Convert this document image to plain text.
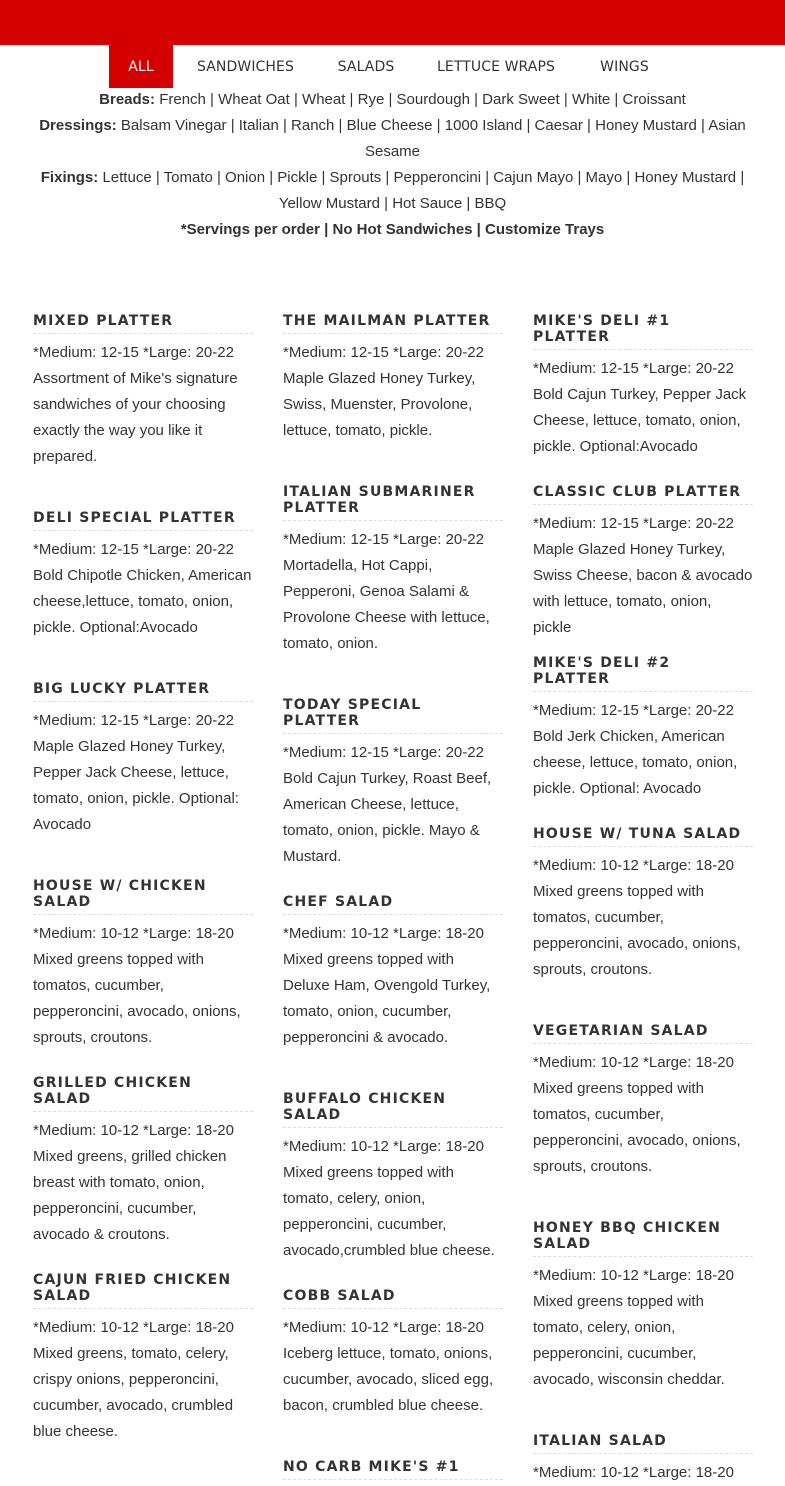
ALL	SANDWICHES	SALADS	LETTUCE WRAPS	WINGS
Breads: French | Wheat Oat | Wheat | Rye | Sourdough | Dark Sweet | White | Croissant
Dressings: Balsam Vinegar | Italian | Ranch | Blue Cheese | 1000 Island | Caesar | Honey Mustard | Asian
Sesame
Fixings: Lettuce | Tomato | Onion | Pickle | Sprouts | Pepperoncini | Cajun Mayo | Mayo | Honey Mustard |
Yellow Mustard | Hot Sauce | BBQ
*Servings per order | No Hot Sandwiches | Customize Trays
MIXED PLATTER
*Medium: 12-15 *Large: 20-22
Assortment of Mike's signature sandwiches of your choosing exactly the way you like it prepared.
DELI SPECIAL PLATTER
*Medium: 12-15 *Large: 20-22
Bold Chipotle Chicken, American cheese,lettuce, tomato, onion, pickle. Optional:Avocado
BIG LUCKY PLATTER
*Medium: 12-15 *Large: 20-22
Maple Glazed Honey Turkey, Pepper Jack Cheese, lettuce, tomato, onion, pickle. Optional: Avocado
HOUSE W/ CHICKEN SALAD
*Medium: 10-12 *Large: 18-20
Mixed greens topped with tomatos, cucumber, pepperoncini, avocado, onions, sprouts, croutons.
GRILLED CHICKEN SALAD
*Medium: 10-12 *Large: 18-20
Mixed greens, grilled chicken breast with tomato, onion, pepperoncini, cucumber, avocado & croutons.
CAJUN FRIED CHICKEN SALAD
*Medium: 10-12 *Large: 18-20
Mixed greens, tomato, celery, crispy onions, pepperoncini, cucumber, avocado, crumbled blue cheese.
THE MAILMAN PLATTER
*Medium: 12-15 *Large: 20-22
Maple Glazed Honey Turkey, Swiss, Muenster, Provolone, lettuce, tomato, pickle.
ITALIAN SUBMARINER PLATTER
*Medium: 12-15 *Large: 20-22
Mortadella, Hot Cappi, Pepperoni, Genoa Salami & Provolone Cheese with lettuce, tomato, onion.
TODAY SPECIAL PLATTER
*Medium: 12-15 *Large: 20-22
Bold Cajun Turkey, Roast Beef, American Cheese, lettuce, tomato, onion, pickle. Mayo & Mustard.
CHEF SALAD
*Medium: 10-12 *Large: 18-20
Mixed greens topped with Deluxe Ham, Ovengold Turkey, tomato, onion, cucumber, pepperoncini & avocado.
BUFFALO CHICKEN SALAD
*Medium: 10-12 *Large: 18-20
Mixed greens topped with tomato, celery, onion, pepperoncini, cucumber, avocado,crumbled blue cheese.
COBB SALAD
*Medium: 10-12 *Large: 18-20
Iceberg lettuce, tomato, onions, cucumber, avocado, sliced egg, bacon, crumbled blue cheese.
NO CARB MIKE'S #1
MIKE'S DELI #1 PLATTER
*Medium: 12-15 *Large: 20-22
Bold Cajun Turkey, Pepper Jack Cheese, lettuce, tomato, onion, pickle. Optional:Avocado
CLASSIC CLUB PLATTER
*Medium: 12-15 *Large: 20-22
Maple Glazed Honey Turkey, Swiss Cheese, bacon & avocado with lettuce, tomato, onion, pickle
MIKE'S DELI #2 PLATTER
*Medium: 12-15 *Large: 20-22
Bold Jerk Chicken, American cheese, lettuce, tomato, onion, pickle. Optional: Avocado
HOUSE W/ TUNA SALAD
*Medium: 10-12 *Large: 18-20
Mixed greens topped with tomatos, cucumber, pepperoncini, avocado, onions, sprouts, croutons.
VEGETARIAN SALAD
*Medium: 10-12 *Large: 18-20
Mixed greens topped with tomatos, cucumber, pepperoncini, avocado, onions, sprouts, croutons.
HONEY BBQ CHICKEN SALAD
*Medium: 10-12 *Large: 18-20
Mixed greens topped with tomato, celery, onion, pepperoncini, cucumber, avocado, wisconsin cheddar.
ITALIAN SALAD
*Medium: 10-12 *Large: 18-20
